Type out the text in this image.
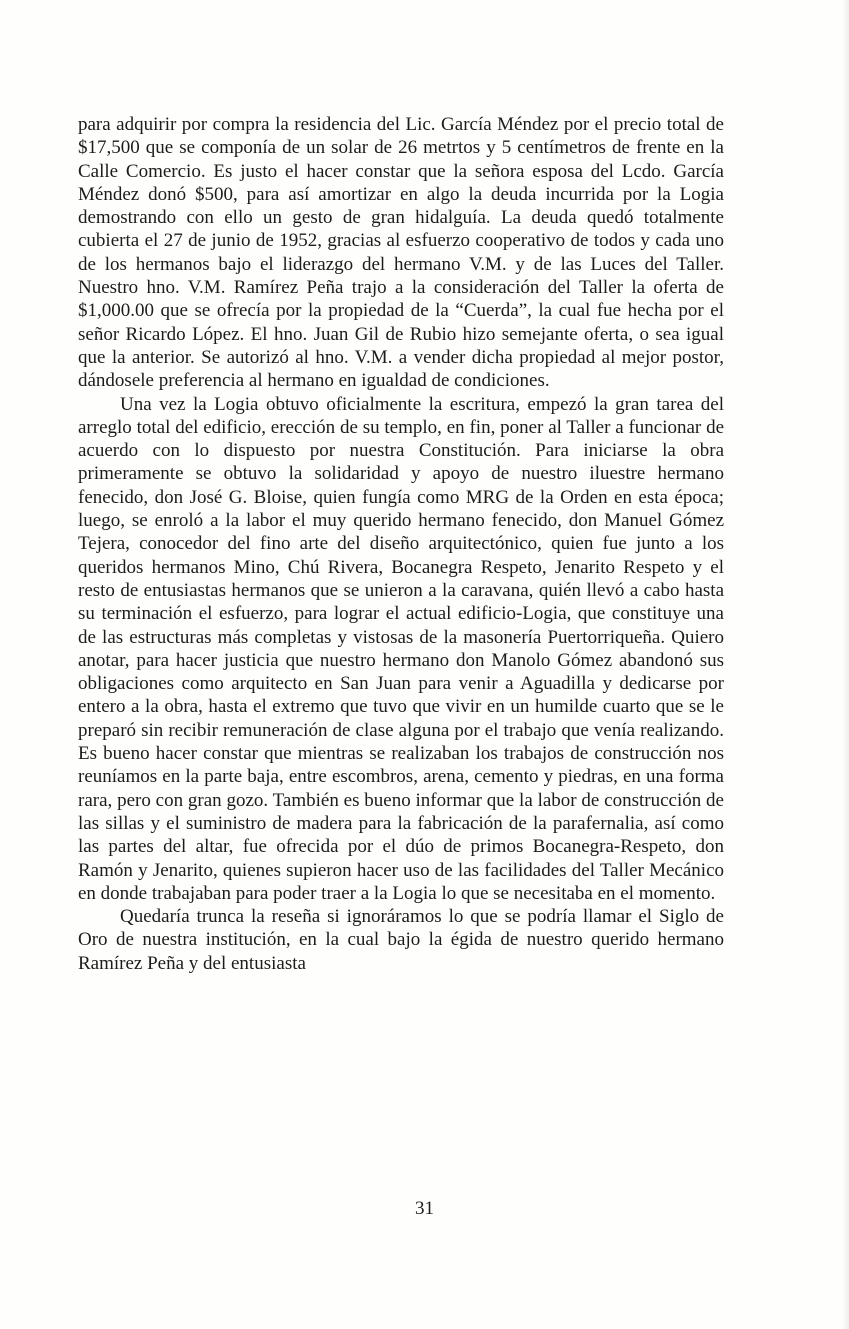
para adquirir por compra la residencia del Lic. García Méndez por el precio total de $17,500 que se componía de un solar de 26 metrtos y 5 centímetros de frente en la Calle Comercio. Es justo el hacer constar que la señora esposa del Lcdo. García Méndez donó $500, para así amortizar en algo la deuda incurrida por la Logia demostrando con ello un gesto de gran hidalguía. La deuda quedó totalmente cubierta el 27 de junio de 1952, gracias al esfuerzo cooperativo de todos y cada uno de los hermanos bajo el liderazgo del hermano V.M. y de las Luces del Taller. Nuestro hno. V.M. Ramírez Peña trajo a la consideración del Taller la oferta de $1,000.00 que se ofrecía por la propiedad de la “Cuerda”, la cual fue hecha por el señor Ricardo López. El hno. Juan Gil de Rubio hizo semejante oferta, o sea igual que la anterior. Se autorizó al hno. V.M. a vender dicha propiedad al mejor postor, dándosele preferencia al hermano en igualdad de condiciones.

Una vez la Logia obtuvo oficialmente la escritura, empezó la gran tarea del arreglo total del edificio, erección de su templo, en fin, poner al Taller a funcionar de acuerdo con lo dispuesto por nuestra Constitución. Para iniciarse la obra primeramente se obtuvo la solidaridad y apoyo de nuestro iluestre hermano fenecido, don José G. Bloise, quien fungía como MRG de la Orden en esta época; luego, se enroló a la labor el muy querido hermano fenecido, don Manuel Gómez Tejera, conocedor del fino arte del diseño arquitectónico, quien fue junto a los queridos hermanos Mino, Chú Rivera, Bocanegra Respeto, Jenarito Respeto y el resto de entusiastas hermanos que se unieron a la caravana, quién llevó a cabo hasta su terminación el esfuerzo, para lograr el actual edificio-Logia, que constituye una de las estructuras más completas y vistosas de la masonería Puertorriqueña. Quiero anotar, para hacer justicia que nuestro hermano don Manolo Gómez abandonó sus obligaciones como arquitecto en San Juan para venir a Aguadilla y dedicarse por entero a la obra, hasta el extremo que tuvo que vivir en un humilde cuarto que se le preparó sin recibir remuneración de clase alguna por el trabajo que venía realizando. Es bueno hacer constar que mientras se realizaban los trabajos de construcción nos reuníamos en la parte baja, entre escombros, arena, cemento y piedras, en una forma rara, pero con gran gozo. También es bueno informar que la labor de construcción de las sillas y el suministro de madera para la fabricación de la parafernalia, así como las partes del altar, fue ofrecida por el dúo de primos Bocanegra-Respeto, don Ramón y Jenarito, quienes supieron hacer uso de las facilidades del Taller Mecánico en donde trabajaban para poder traer a la Logia lo que se necesitaba en el momento.

Quedaría trunca la reseña si ignoráramos lo que se podría llamar el Siglo de Oro de nuestra institución, en la cual bajo la égida de nuestro querido hermano Ramírez Peña y del entusiasta

31
